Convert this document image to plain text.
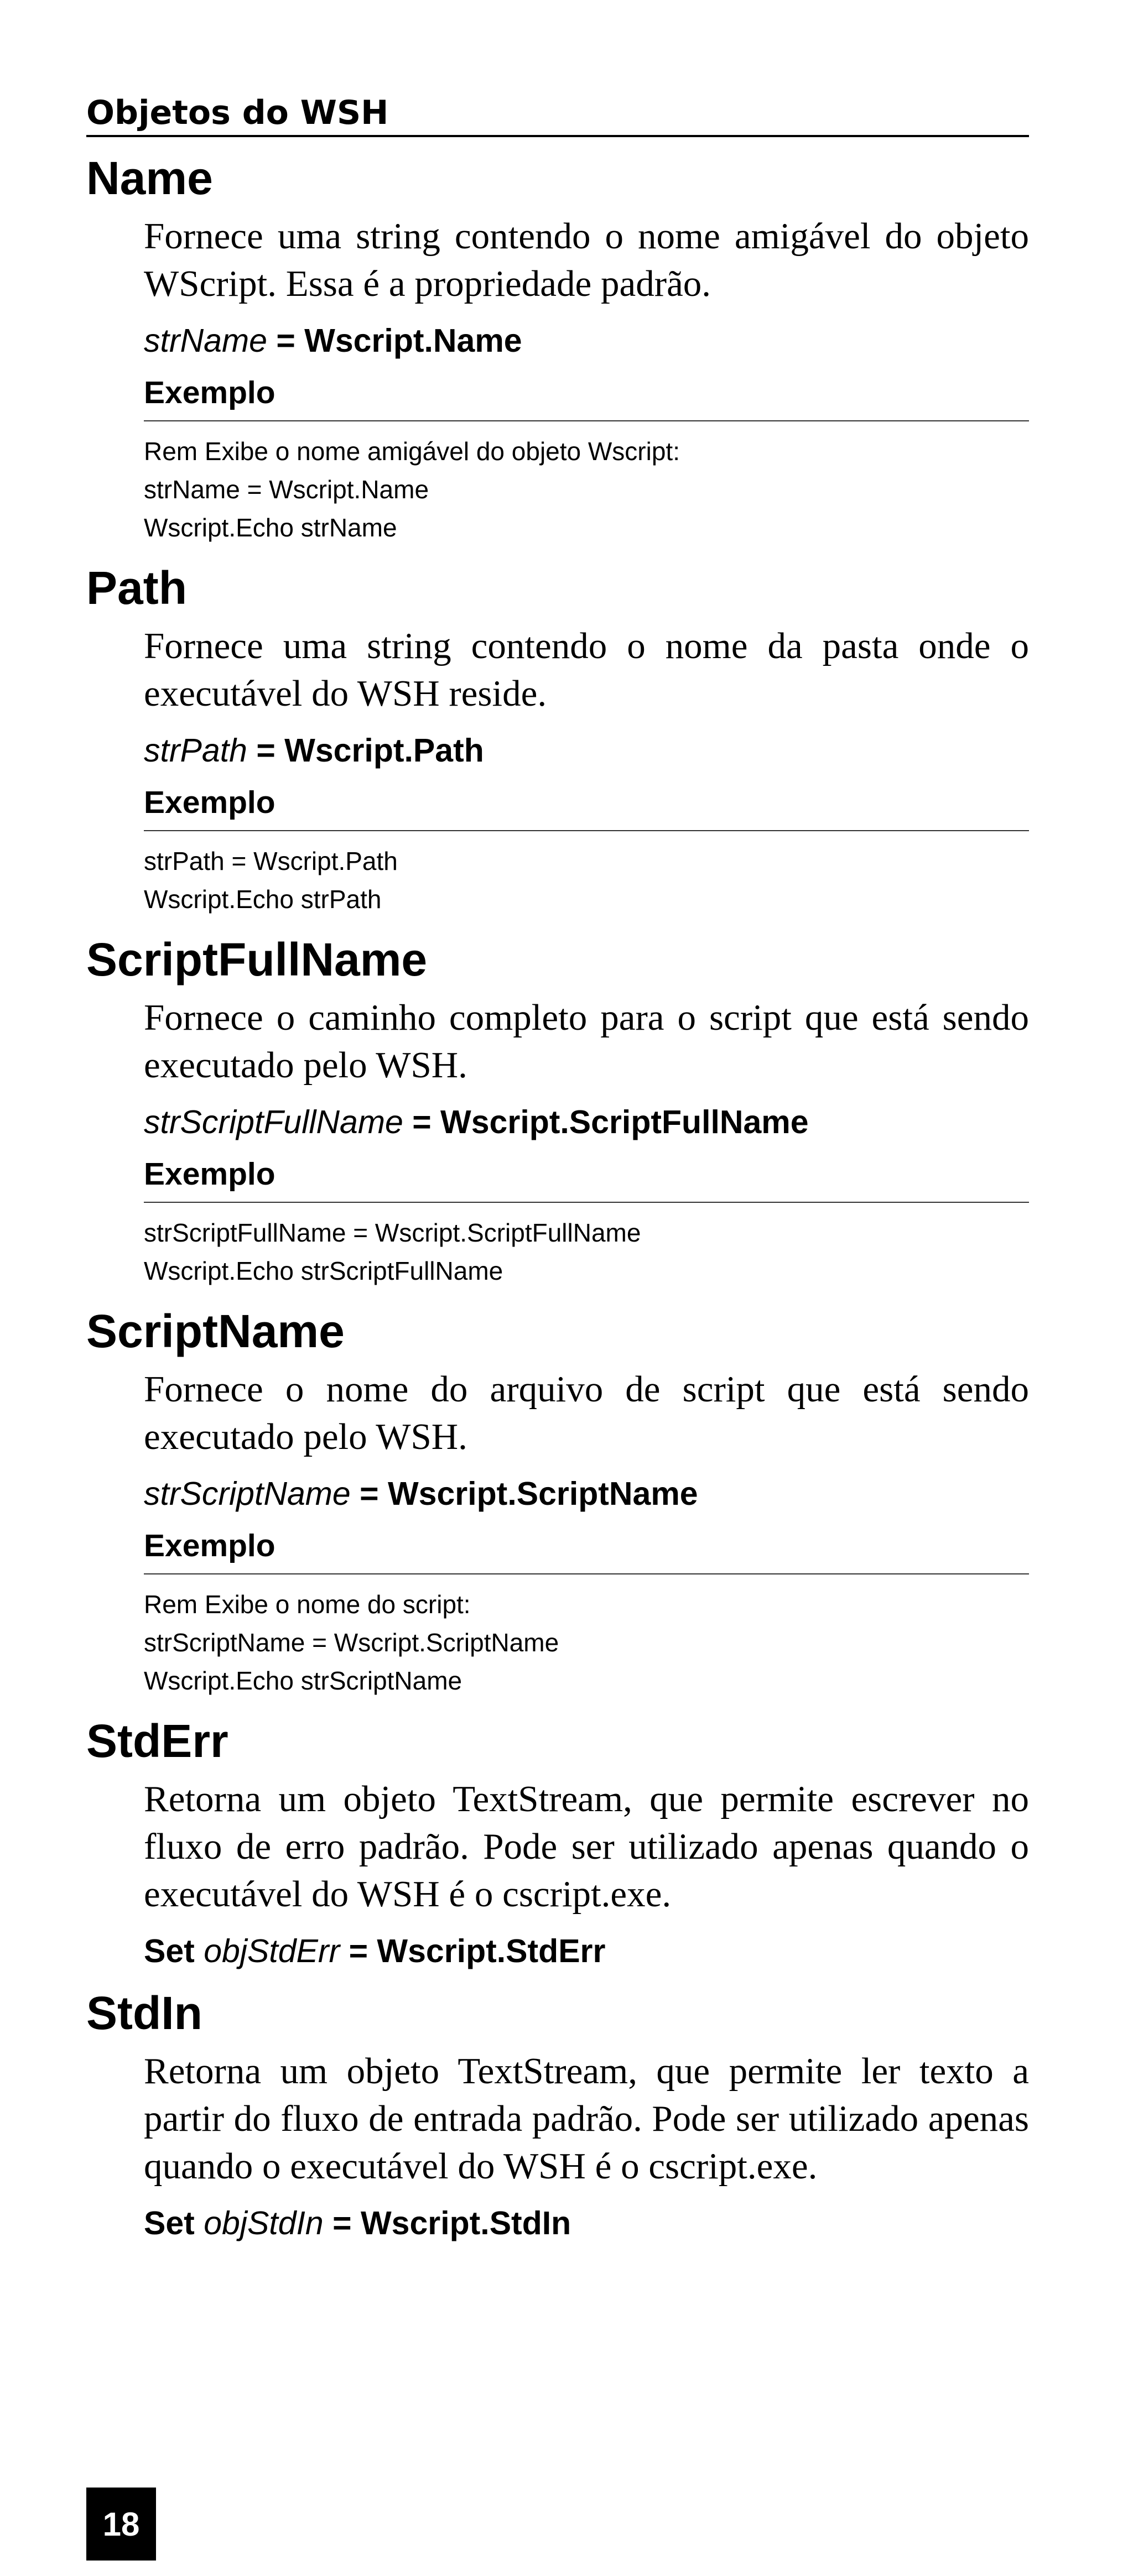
Objetos do WSH
Name

Fornece uma string contendo o nome amigável do objeto WScript. Essa é a propriedade padrão.

strName = Wscript.Name

Exemplo
Rem Exibe o nome amigável do objeto Wscript:
strName = Wscript.Name
Wscript.Echo strName
Path

Fornece uma string contendo o nome da pasta onde o executável do WSH reside.

strPath = Wscript.Path

Exemplo
strPath = Wscript.Path
Wscript.Echo strPath
ScriptFullName

Fornece o caminho completo para o script que está sendo executado pelo WSH.

strScriptFullName = Wscript.ScriptFullName

Exemplo
strScriptFullName = Wscript.ScriptFullName
Wscript.Echo strScriptFullName
ScriptName

Fornece o nome do arquivo de script que está sendo executado pelo WSH.

strScriptName = Wscript.ScriptName

Exemplo
Rem Exibe o nome do script:
strScriptName = Wscript.ScriptName
Wscript.Echo strScriptName
StdErr

Retorna um objeto TextStream, que permite escrever no fluxo de erro padrão. Pode ser utilizado apenas quando o executável do WSH é o cscript.exe.

Set objStdErr = Wscript.StdErr

StdIn

Retorna um objeto TextStream, que permite ler texto a partir do fluxo de entrada padrão. Pode ser utilizado apenas quando o executável do WSH é o cscript.exe.

Set objStdIn = Wscript.StdIn

18
